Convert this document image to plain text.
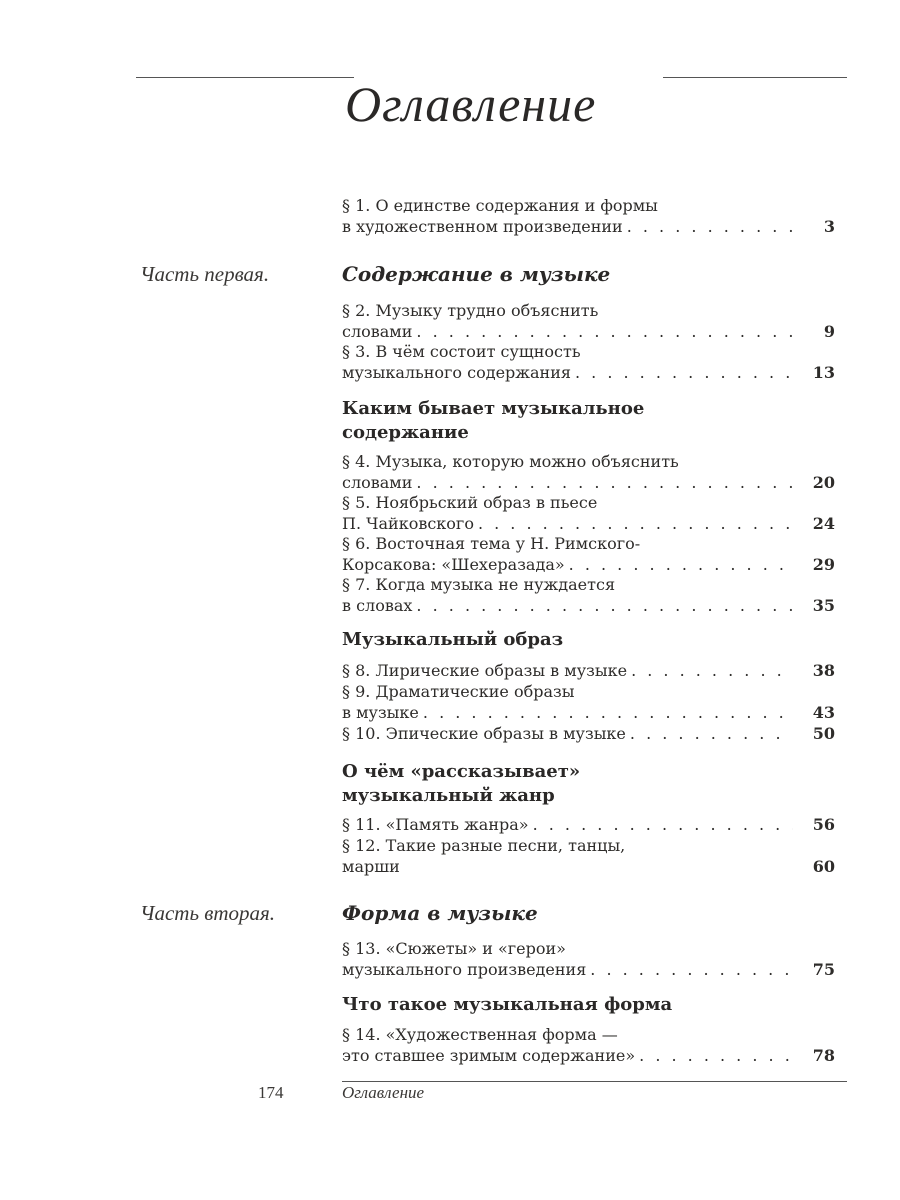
Оглавление
§ 1. О единстве содержания и формы
в художественном произведении . . .	3
Часть первая.	Содержание в музыке
§ 2. Музыку трудно объяснить
словами . . .	9
§ 3. В чём состоит сущность
музыкального содержания . . .	13
Каким бывает музыкальное
содержание
§ 4. Музыка, которую можно объяснить
словами . . .	20
§ 5. Ноябрьский образ в пьесе
П. Чайковского . . .	24
§ 6. Восточная тема у Н. Римского-
Корсакова: «Шехеразада» . . .	29
§ 7. Когда музыка не нуждается
в словах . . .	35
Музыкальный образ
§ 8. Лирические образы в музыке . . .	38
§ 9. Драматические образы
в музыке . . .	43
§ 10. Эпические образы в музыке . . .	50
О чём «рассказывает»
музыкальный жанр
§ 11. «Память жанра» . . .	56
§ 12. Такие разные песни, танцы,
марши	60
Часть вторая.	Форма в музыке
§ 13. «Сюжеты» и «герои»
музыкального произведения . . .	75
Что такое музыкальная форма
§ 14. «Художественная форма —
это ставшее зримым содержание» . . .	78
174	Оглавление
